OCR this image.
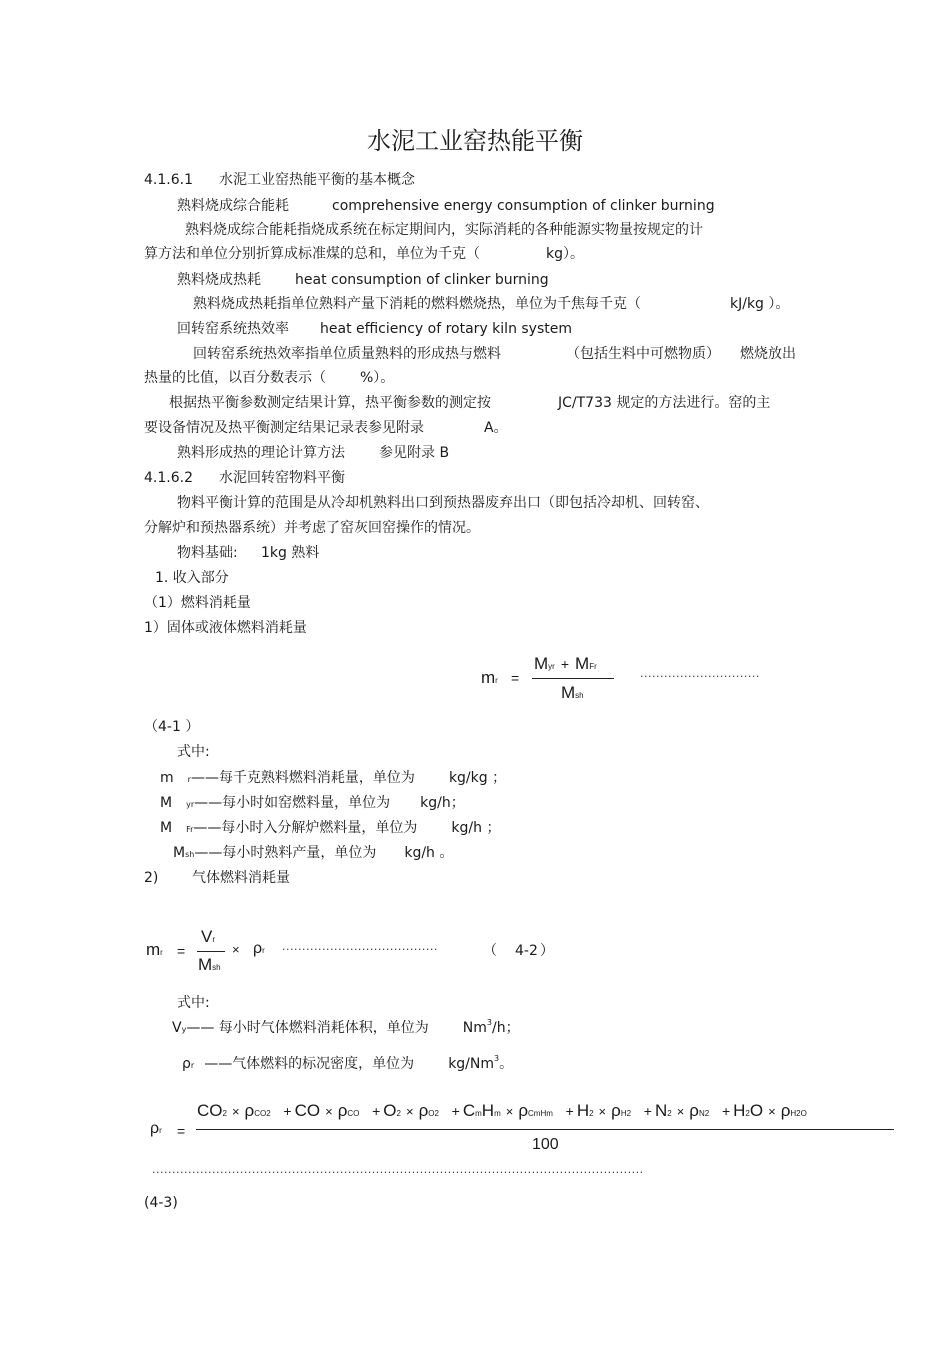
水泥工业窑热能平衡
4.1.6.1 水泥工业窑热能平衡的基本概念
熟料烧成综合能耗	comprehensive energy consumption of clinker burning
熟料烧成综合能耗指烧成系统在标定期间内，实际消耗的各种能源实物量按规定的计
算方法和单位分别折算成标准煤的总和，单位为千克（	kg）。
熟料烧成热耗 heat consumption of clinker burning
熟料烧成热耗指单位熟料产量下消耗的燃料燃烧热，单位为千焦每千克（	kJ/kg ）。
回转窑系统热效率 heat efficiency of rotary kiln system
回转窑系统热效率指单位质量熟料的形成热与燃料	（包括生料中可燃物质） 燃烧放出
热量的比值，以百分数表示（ %）。
根据热平衡参数测定结果计算，热平衡参数的测定按	JC/T733 规定的方法进行。窑的主
要设备情况及热平衡测定结果记录表参见附录	A。
熟料形成热的理论计算方法 参见附录 B
4.1.6.2 水泥回转窑物料平衡
物料平衡计算的范围是从冷却机熟料出口到预热器废弃出口（即包括冷却机、回转窑、
分解炉和预热器系统）并考虑了窑灰回窑操作的情况。
物料基础: 1kg 熟料
1. 收入部分
（1）燃料消耗量
1）固体或液体燃料消耗量
mr =
Myr + MFr
Msh
..............................
（4-1 ）
式中:
m r——每千克熟料燃料消耗量，单位为 kg/kg ；
M yr——每小时如窑燃料量，单位为 kg/h；
M Fr——每小时入分解炉燃料量，单位为 kg/h ；
Msh——每小时熟料产量，单位为 kg/h 。
2) 气体燃料消耗量
mr =
Vr
Msh
× ρr .......................................	（ 4-2 ）
式中:
Vy—— 每小时气体燃料消耗体积，单位为 Nm$^3$/h；
ρr ——气体燃料的标况密度，单位为 kg/Nm$^3$。
ρr =
CO2 × ρCO2 + CO × ρCO + O2 × ρO2 + CmHm × ρCmHm + H2 × ρH2 + N2 × ρN2 + H2O × ρH2O
100
...........................................................................................................................
(4-3)
